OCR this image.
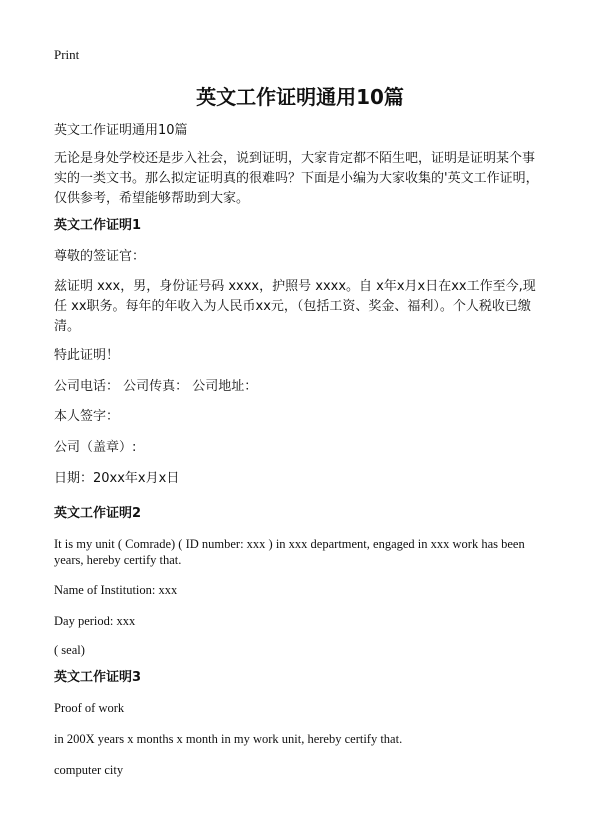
Print
英文工作证明通用10篇
英文工作证明通用10篇
无论是身处学校还是步入社会，说到证明，大家肯定都不陌生吧，证明是证明某个事实的一类文书。那么拟定证明真的很难吗？下面是小编为大家收集的'英文工作证明，仅供参考，希望能够帮助到大家。
英文工作证明1
尊敬的签证官：
兹证明 xxx，男，身份证号码 xxxx，护照号 xxxx。自 x年x月x日在xx工作至今,现任 xx职务。每年的年收入为人民币xx元，（包括工资、奖金、福利）。个人税收已缴清。
特此证明！
公司电话： 公司传真： 公司地址：
本人签字：
公司（盖章）:
日期：20xx年x月x日
英文工作证明2
It is my unit ( Comrade) ( ID number: xxx ) in xxx department, engaged in xxx work has been years, hereby certify that.
Name of Institution: xxx
Day period: xxx
( seal)
英文工作证明3
Proof of work
in 200X years x months x month in my work unit, hereby certify that.
computer city
